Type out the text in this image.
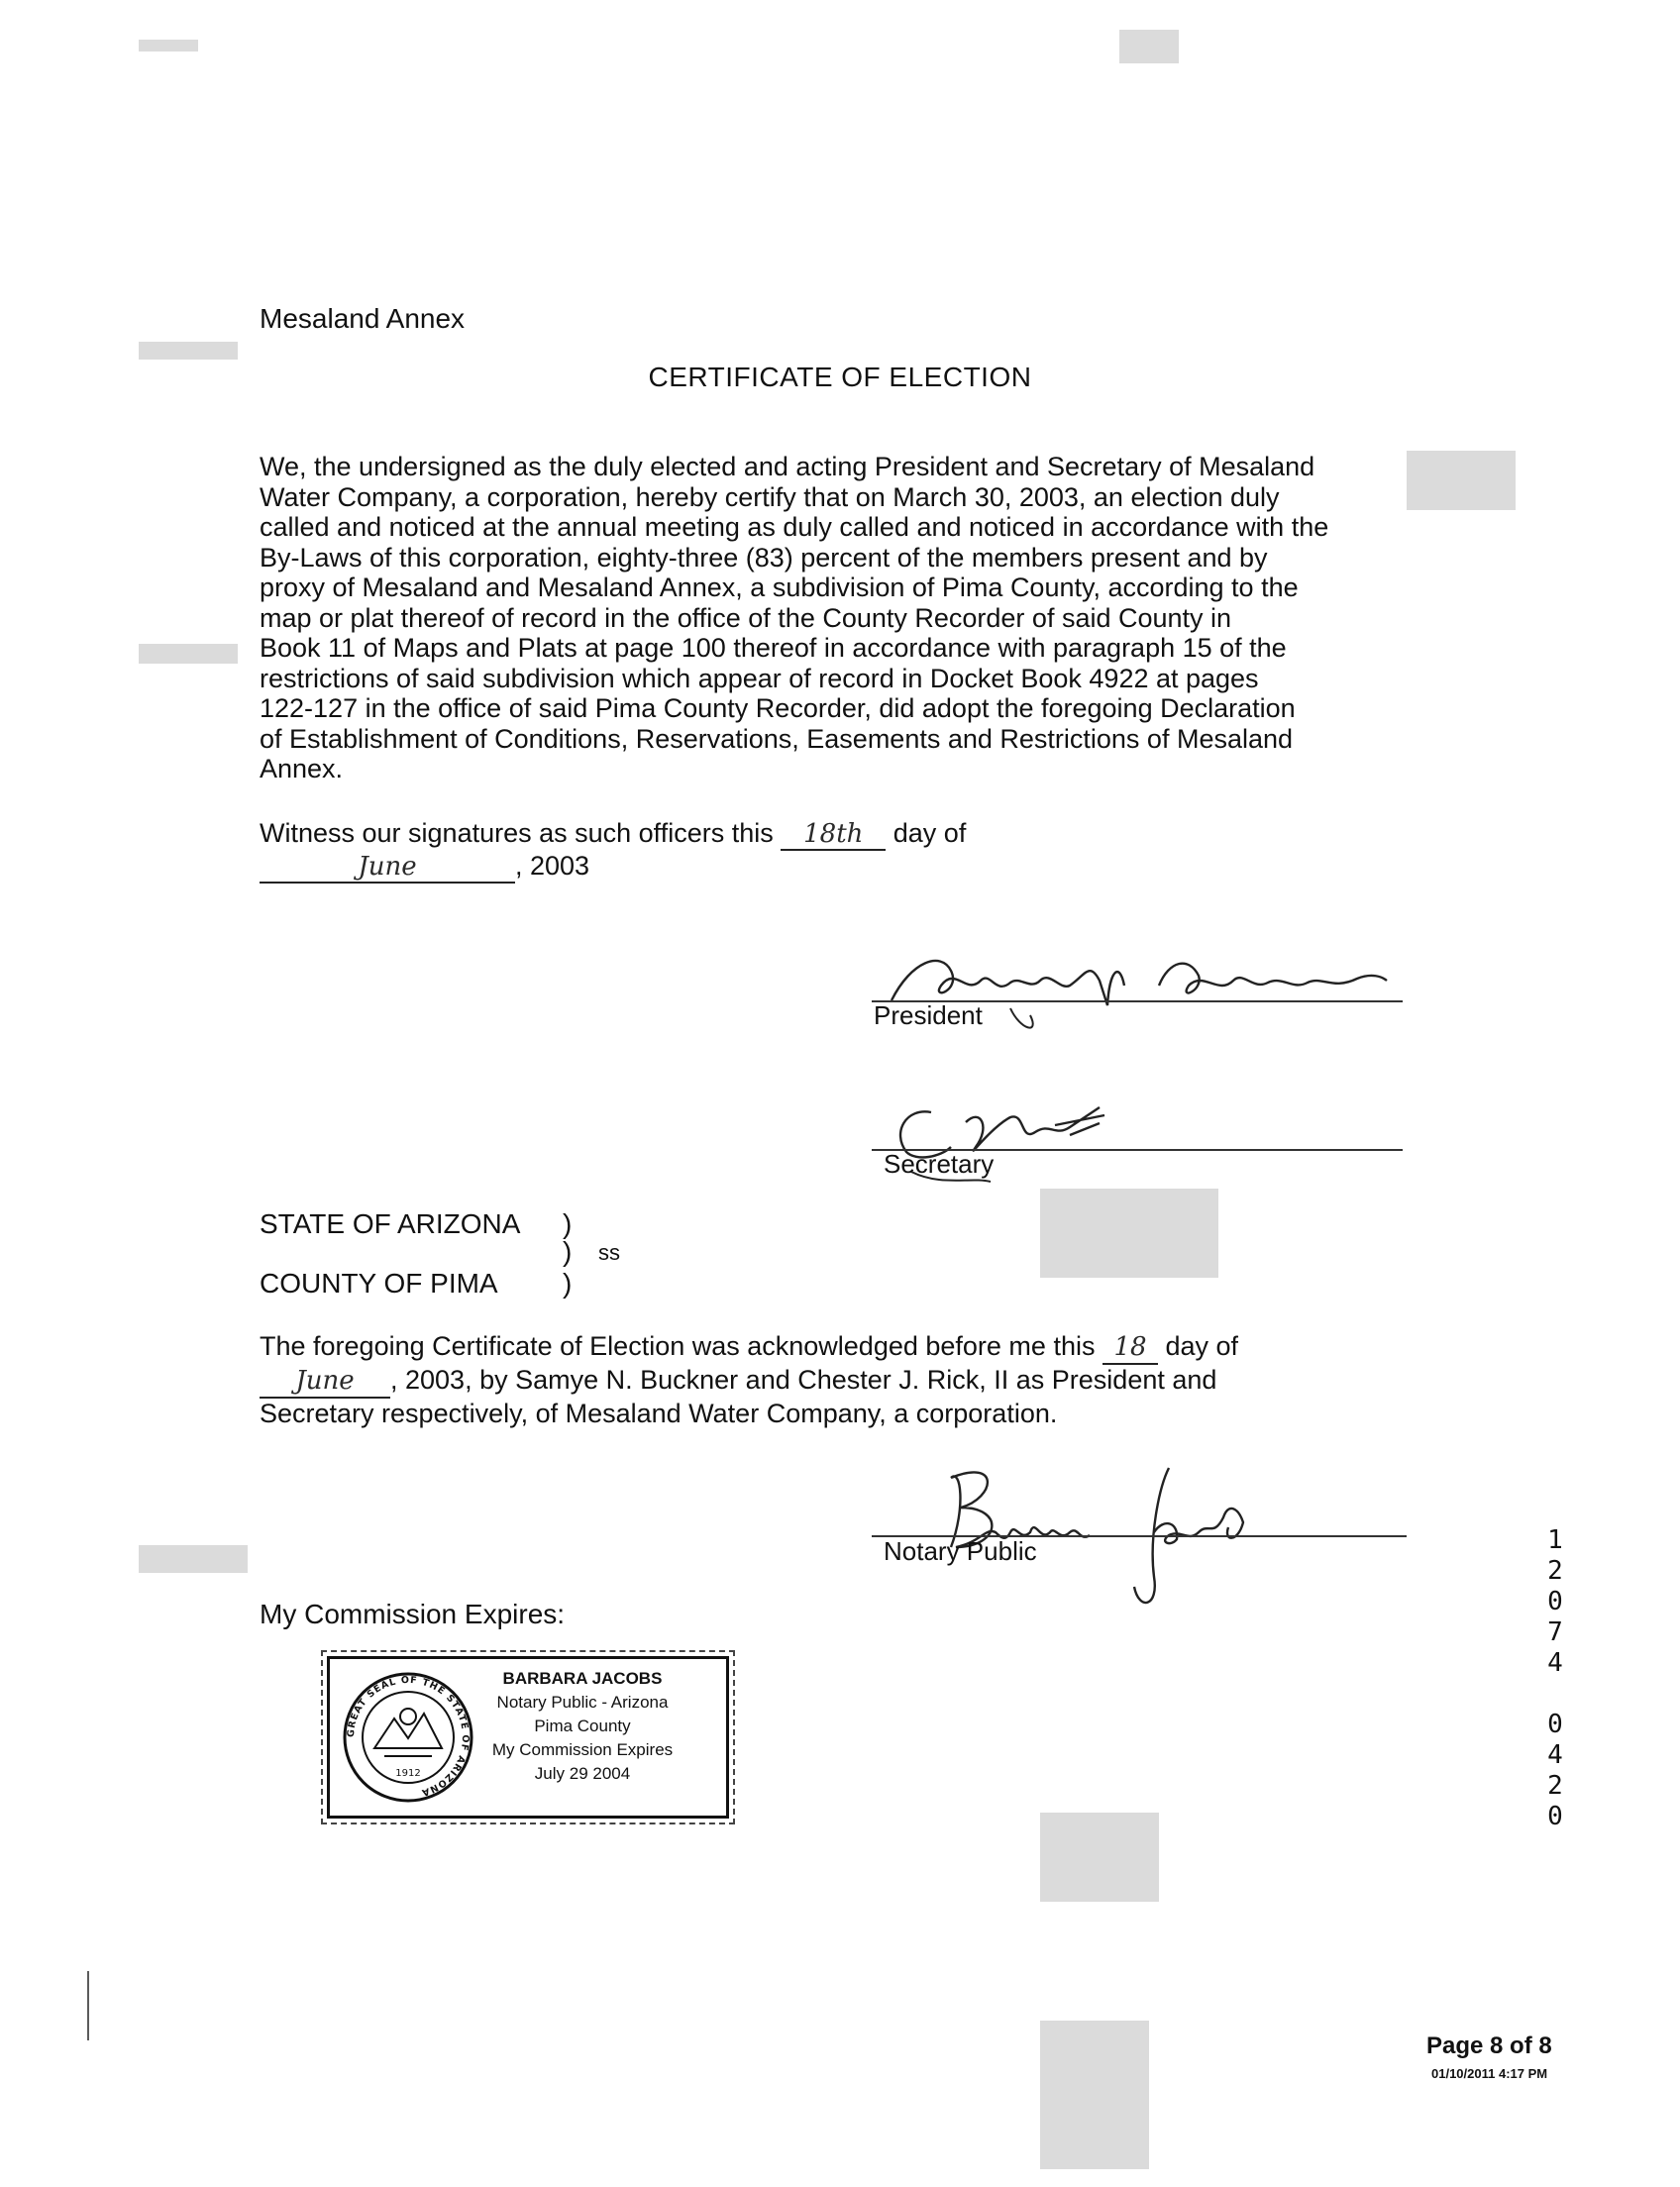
Mesaland Annex
CERTIFICATE OF ELECTION
We, the undersigned as the duly elected and acting President and Secretary of Mesaland
Water Company, a corporation, hereby certify that on March 30, 2003, an election duly
called and noticed at the annual meeting as duly called and noticed in accordance with the
By-Laws of this corporation, eighty-three (83) percent of the members present and by
proxy of Mesaland and Mesaland Annex, a subdivision of Pima County, according to the
map or plat thereof of record in the office of the County Recorder of said County in
Book 11 of Maps and Plats at page 100 thereof in accordance with paragraph 15 of the
restrictions of said subdivision which appear of record in Docket Book 4922 at pages
122-127 in the office of said Pima County Recorder, did adopt the foregoing Declaration
of Establishment of Conditions, Reservations, Easements and Restrictions of Mesaland
Annex.
Witness our signatures as such officers this 18th day of
June	, 2003
President
Secretary
STATE OF ARIZONA )
) ss
COUNTY OF PIMA )
The foregoing Certificate of Election was acknowledged before me this 18 day of
June , 2003, by Samye N. Buckner and Chester J. Rick, II as President and
Secretary respectively, of Mesaland Water Company, a corporation.
Notary Public
My Commission Expires:
GREAT SEAL OF THE STATE OF ARIZONA
1912
BARBARA JACOBS
Notary Public - Arizona
Pima County
My Commission Expires
July 29 2004
1
2
0
7
4
0
4
2
0
Page 8 of 8
01/10/2011 4:17 PM
